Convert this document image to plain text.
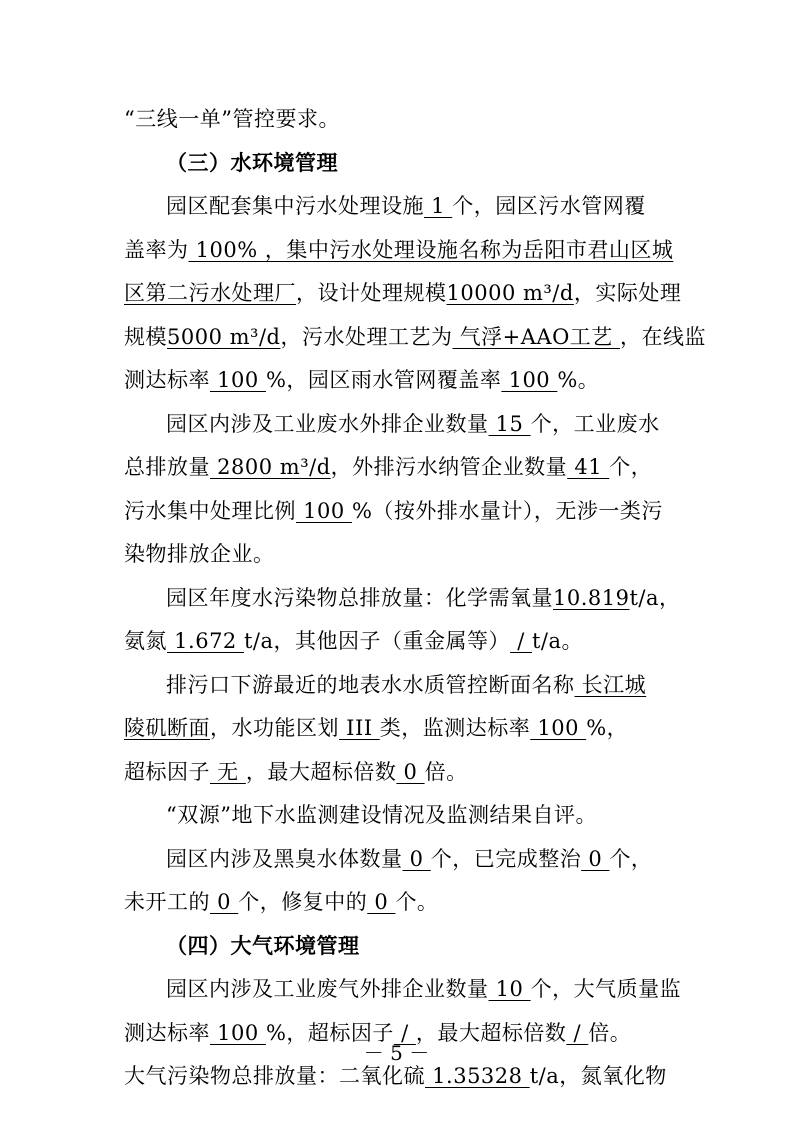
“三线一单”管控要求。
（三）水环境管理
园区配套集中污水处理设施 1 个，园区污水管网覆
盖率为 100% ，集中污水处理设施名称为岳阳市君山区城
区第二污水处理厂，设计处理规模10000 m³/d，实际处理
规模5000 m³/d，污水处理工艺为 气浮+AAO工艺 ，在线监
测达标率 100 %，园区雨水管网覆盖率 100 %。
园区内涉及工业废水外排企业数量 15 个，工业废水
总排放量 2800 m³/d，外排污水纳管企业数量 41 个，
污水集中处理比例 100 %（按外排水量计），无涉一类污
染物排放企业。
园区年度水污染物总排放量：化学需氧量10.819t/a，
氨氮 1.672 t/a，其他因子（重金属等） / t/a。
排污口下游最近的地表水水质管控断面名称 长江城
陵矶断面，水功能区划 III 类，监测达标率 100 %，
超标因子 无 ，最大超标倍数 0 倍。
“双源”地下水监测建设情况及监测结果自评。
园区内涉及黑臭水体数量 0 个，已完成整治 0 个，
未开工的 0 个，修复中的 0 个。
（四）大气环境管理
园区内涉及工业废气外排企业数量 10 个，大气质量监
－ 5 －
测达标率 100 %，超标因子 / ，最大超标倍数 / 倍。
大气污染物总排放量：二氧化硫 1.35328 t/a，氮氧化物
